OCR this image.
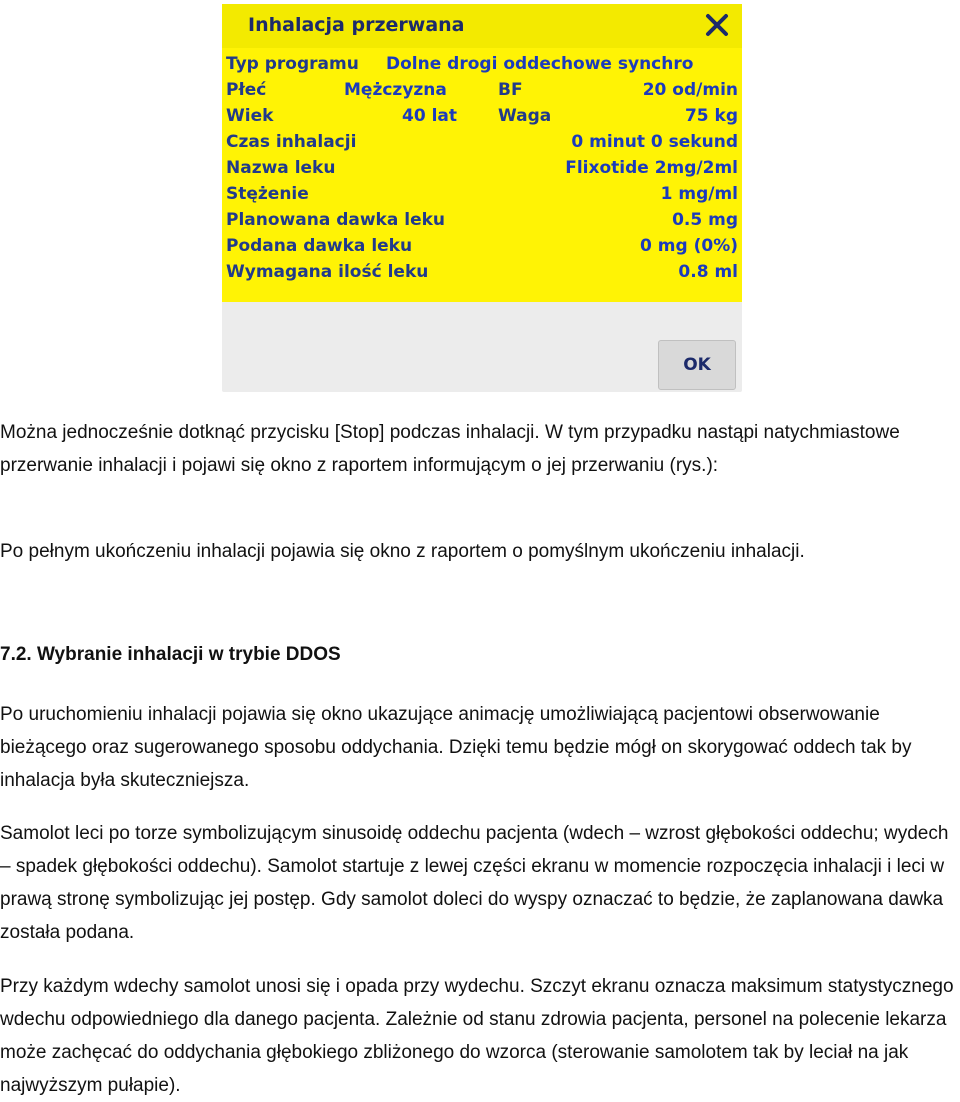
Inhalacja przerwana
Typ programu Dolne drogi oddechowe synchro
Płeć	Mężczyzna	BF	20 od/min
Wiek	40 lat Waga	75 kg
Czas inhalacji	0 minut 0 sekund
Nazwa leku	Flixotide 2mg/2ml
Stężenie	1 mg/ml
Planowana dawka leku	0.5 mg
Podana dawka leku	0 mg (0%)
Wymagana ilość leku	0.8 ml
OK
Można jednocześnie dotknąć przycisku [Stop] podczas inhalacji. W tym przypadku nastąpi natychmiastowe przerwanie inhalacji i pojawi się okno z raportem informującym o jej przerwaniu (rys.):
Po pełnym ukończeniu inhalacji pojawia się okno z raportem o pomyślnym ukończeniu inhalacji.
7.2. Wybranie inhalacji w trybie DDOS
Po uruchomieniu inhalacji pojawia się okno ukazujące animację umożliwiającą pacjentowi obserwowanie bieżącego oraz sugerowanego sposobu oddychania. Dzięki temu będzie mógł on skorygować oddech tak by inhalacja była skuteczniejsza.
Samolot leci po torze symbolizującym sinusoidę oddechu pacjenta (wdech – wzrost głębokości oddechu; wydech – spadek głębokości oddechu). Samolot startuje z lewej części ekranu w momencie rozpoczęcia inhalacji i leci w prawą stronę symbolizując jej postęp. Gdy samolot doleci do wyspy oznaczać to będzie, że zaplanowana dawka została podana.
Przy każdym wdechy samolot unosi się i opada przy wydechu. Szczyt ekranu oznacza maksimum statystycznego wdechu odpowiedniego dla danego pacjenta. Zależnie od stanu zdrowia pacjenta, personel na polecenie lekarza może zachęcać do oddychania głębokiego zbliżonego do wzorca (sterowanie samolotem tak by leciał na jak najwyższym pułapie).
